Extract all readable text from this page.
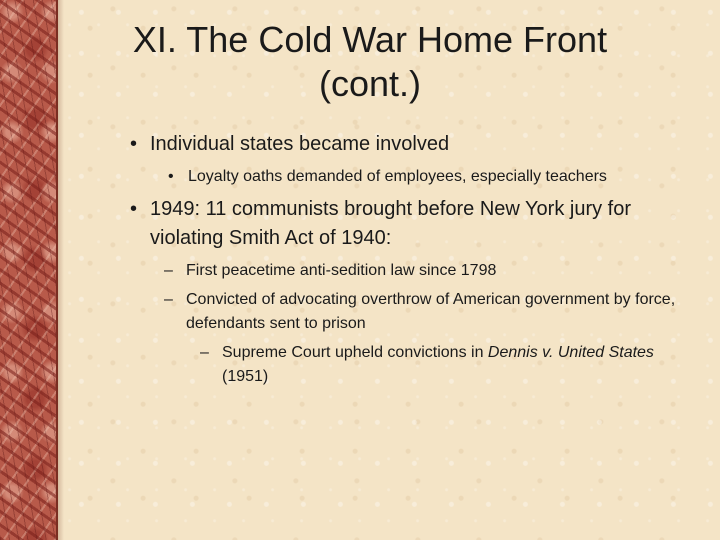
XI. The Cold War Home Front
(cont.)
• Individual states became involved
• Loyalty oaths demanded of employees, especially teachers
• 1949: 11 communists brought before New York jury for violating Smith Act of 1940:
– First peacetime anti-sedition law since 1798
– Convicted of advocating overthrow of American government by force, defendants sent to prison
– Supreme Court upheld convictions in Dennis v. United States (1951)
